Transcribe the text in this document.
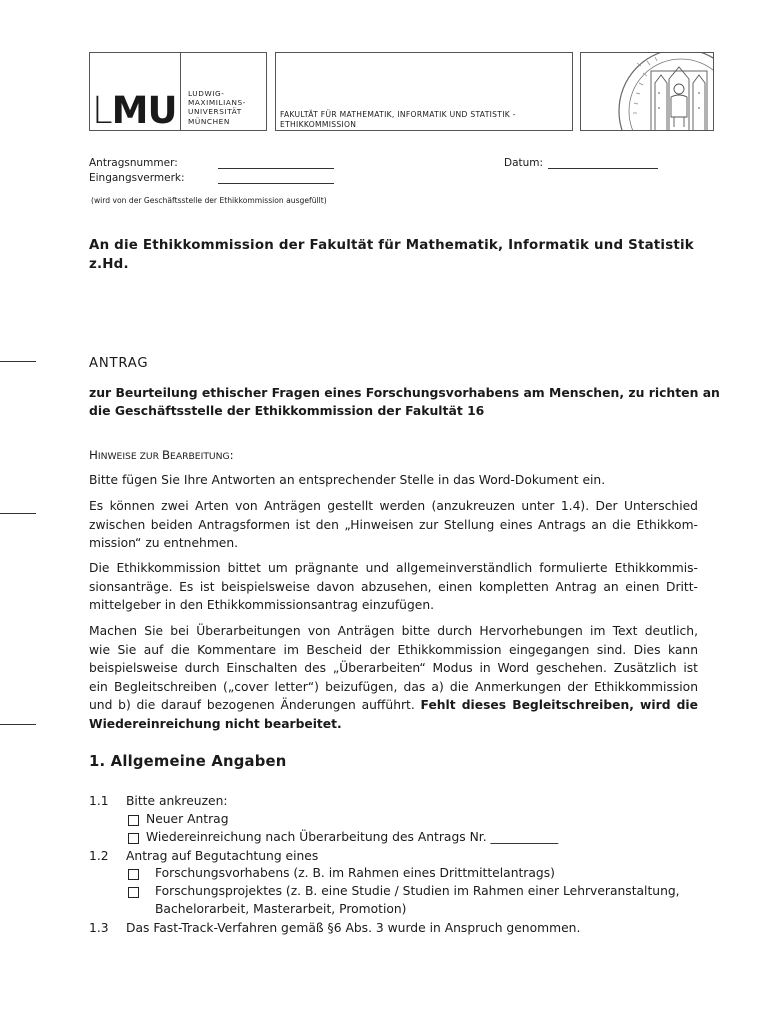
LMU LUDWIG-
MAXIMILIANS-
UNIVERSITÄT
MÜNCHEN
FAKULTÄT FÜR MATHEMATIK, INFORMATIK UND STATISTIK -
ETHIKKOMMISSION
Antragsnummer:
Eingangsvermerk:
Datum:
(wird von der Geschäftsstelle der Ethikkommission ausgefüllt)
An die Ethikkommission der Fakultät für Mathematik, Informatik und Statistik
z.Hd.
ANTRAG
zur Beurteilung ethischer Fragen eines Forschungsvorhabens am Menschen, zu richten an
die Geschäftsstelle der Ethikkommission der Fakultät 16
HINWEISE ZUR BEARBEITUNG:
Bitte fügen Sie Ihre Antworten an entsprechender Stelle in das Word-Dokument ein.
Es können zwei Arten von Anträgen gestellt werden (anzukreuzen unter 1.4). Der Unterschied
zwischen beiden Antragsformen ist den „Hinweisen zur Stellung eines Antrags an die Ethikkom-
mission“ zu entnehmen.
Die Ethikkommission bittet um prägnante und allgemeinverständlich formulierte Ethikkommis-
sionsanträge. Es ist beispielsweise davon abzusehen, einen kompletten Antrag an einen Dritt-
mittelgeber in den Ethikkommissionsantrag einzufügen.
Machen Sie bei Überarbeitungen von Anträgen bitte durch Hervorhebungen im Text deutlich,
wie Sie auf die Kommentare im Bescheid der Ethikkommission eingegangen sind. Dies kann
beispielsweise durch Einschalten des „Überarbeiten“ Modus in Word geschehen. Zusätzlich ist
ein Begleitschreiben („cover letter“) beizufügen, das a) die Anmerkungen der Ethikkommission
und b) die darauf bezogenen Änderungen aufführt. Fehlt dieses Begleitschreiben, wird die
Wiedereinreichung nicht bearbeitet.
1. Allgemeine Angaben
1.1 Bitte ankreuzen:
Neuer Antrag
Wiedereinreichung nach Überarbeitung des Antrags Nr. ___________
1.2 Antrag auf Begutachtung eines
Forschungsvorhabens (z. B. im Rahmen eines Drittmittelantrags)
Forschungsprojektes (z. B. eine Studie / Studien im Rahmen einer Lehrveranstaltung,
Bachelorarbeit, Masterarbeit, Promotion)
1.3 Das Fast-Track-Verfahren gemäß §6 Abs. 3 wurde in Anspruch genommen.
